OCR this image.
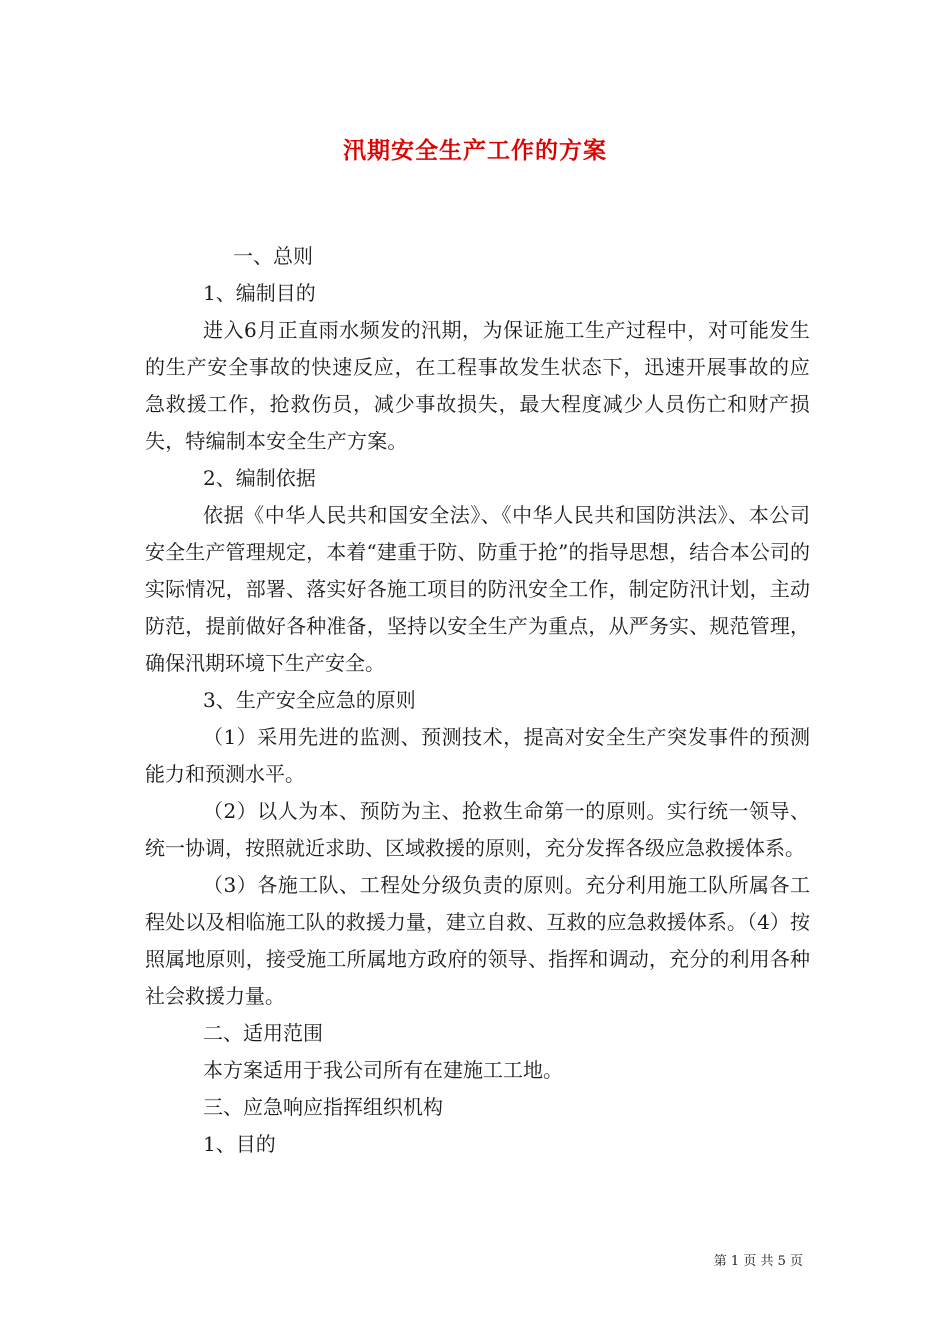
汛期安全生产工作的方案

一、总则

1、编制目的

进入6月正直雨水频发的汛期，为保证施工生产过程中，对可能发生的生产安全事故的快速反应，在工程事故发生状态下，迅速开展事故的应急救援工作，抢救伤员，减少事故损失，最大程度减少人员伤亡和财产损失，特编制本安全生产方案。

2、编制依据

依据《中华人民共和国安全法》、《中华人民共和国防洪法》、本公司安全生产管理规定，本着“建重于防、防重于抢”的指导思想，结合本公司的实际情况，部署、落实好各施工项目的防汛安全工作，制定防汛计划，主动防范，提前做好各种准备，坚持以安全生产为重点，从严务实、规范管理，确保汛期环境下生产安全。

3、生产安全应急的原则

（1）采用先进的监测、预测技术，提高对安全生产突发事件的预测能力和预测水平。

（2）以人为本、预防为主、抢救生命第一的原则。实行统一领导、统一协调，按照就近求助、区域救援的原则，充分发挥各级应急救援体系。

（3）各施工队、工程处分级负责的原则。充分利用施工队所属各工程处以及相临施工队的救援力量，建立自救、互救的应急救援体系。（4）按照属地原则，接受施工所属地方政府的领导、指挥和调动，充分的利用各种社会救援力量。

二、适用范围

本方案适用于我公司所有在建施工工地。

三、应急响应指挥组织机构

1、目的

第 1 页 共 5 页
